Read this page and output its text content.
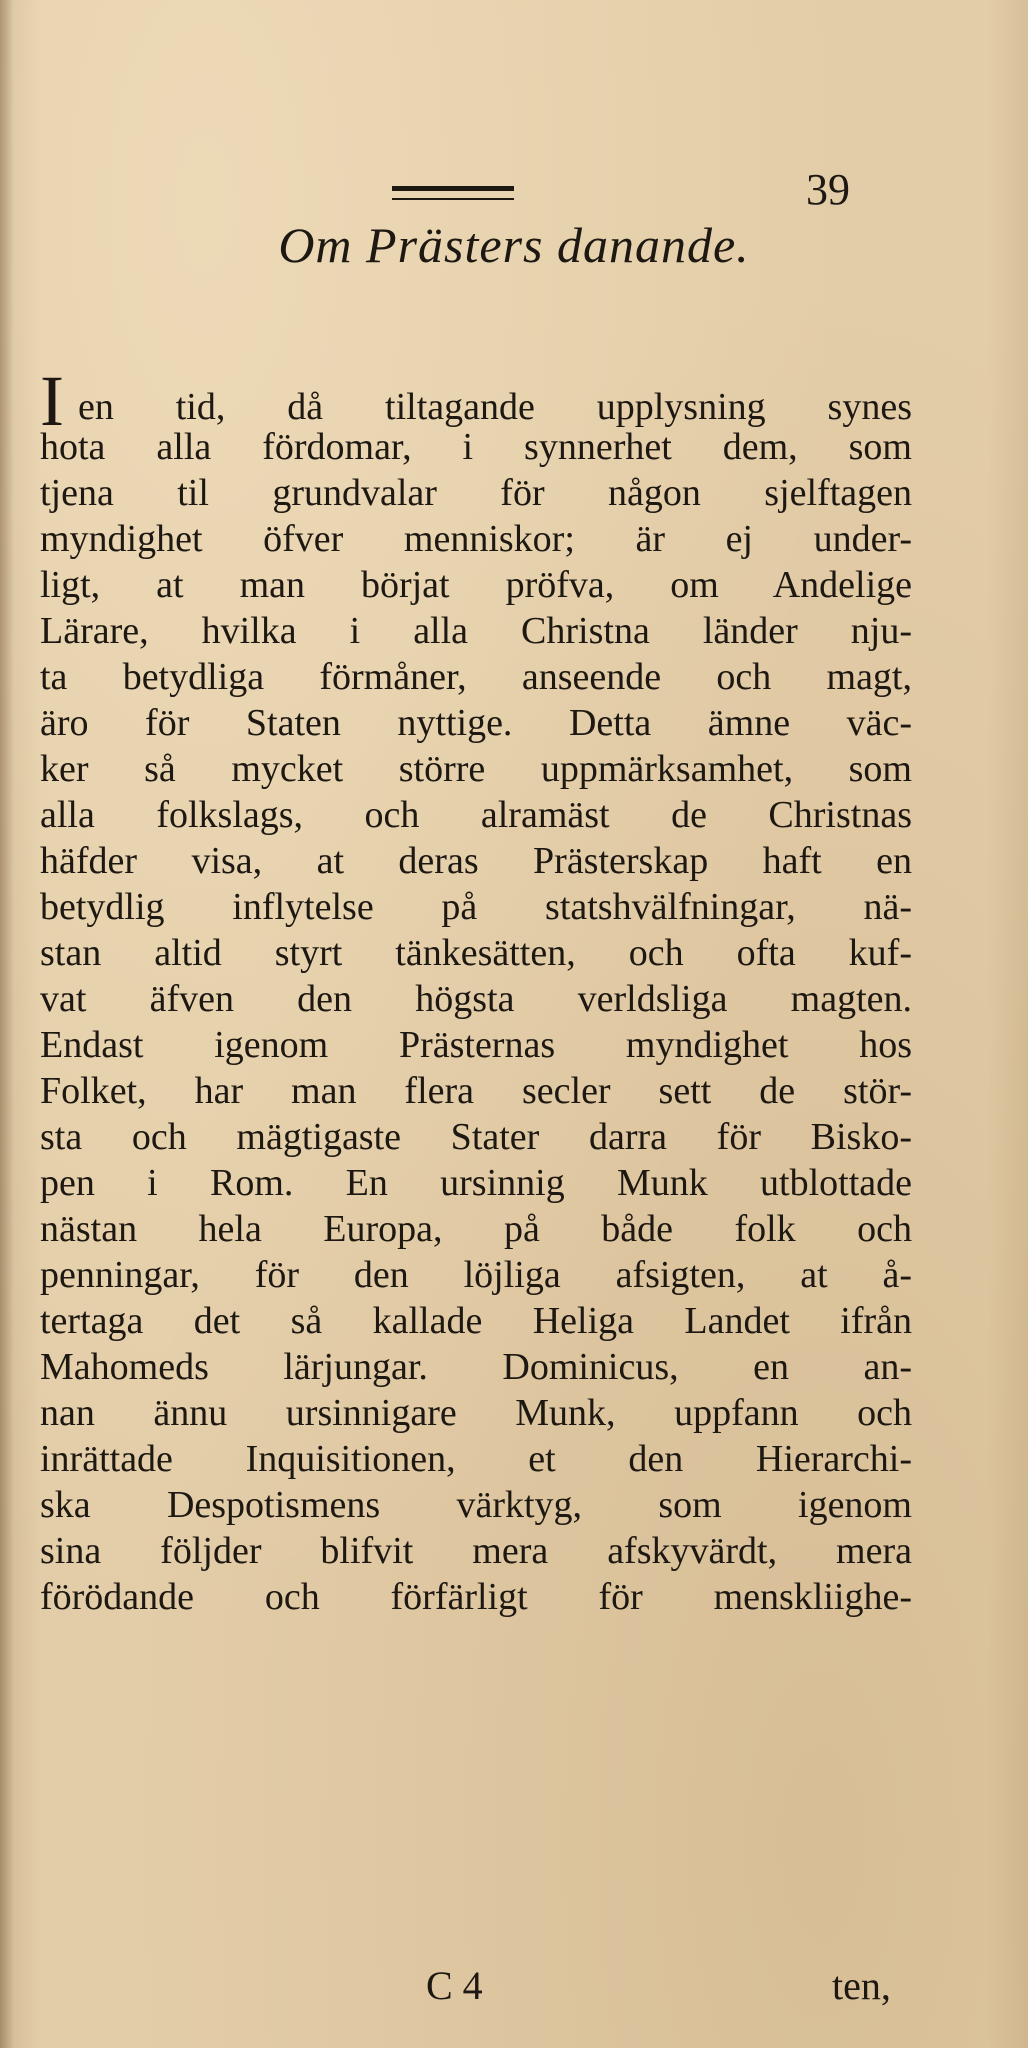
39
Om Prästers danande.
Ien tid, då tiltagande upplysning synes
hota alla fördomar, i synnerhet dem, som
tjena til grundvalar för någon sjelftagen
myndighet öfver menniskor; är ej under-
ligt, at man börjat pröfva, om Andelige
Lärare, hvilka i alla Christna länder nju-
ta betydliga förmåner, anseende och magt,
äro för Staten nyttige. Detta ämne väc-
ker så mycket större uppmärksamhet, som
alla folkslags, och alramäst de Christnas
häfder visa, at deras Prästerskap haft en
betydlig inflytelse på statshvälfningar, nä-
stan altid styrt tänkesätten, och ofta kuf-
vat äfven den högsta verldsliga magten.
Endast igenom Prästernas myndighet hos
Folket, har man flera secler sett de stör-
sta och mägtigaste Stater darra för Bisko-
pen i Rom. En ursinnig Munk utblottade
nästan hela Europa, på både folk och
penningar, för den löjliga afsigten, at å-
tertaga det så kallade Heliga Landet ifrån
Mahomeds lärjungar. Dominicus, en an-
nan ännu ursinnigare Munk, uppfann och
inrättade Inquisitionen, et den Hierarchi-
ska Despotismens värktyg, som igenom
sina följder blifvit mera afskyvärdt, mera
förödande och förfärligt för menskliighe-
C 4	ten,
